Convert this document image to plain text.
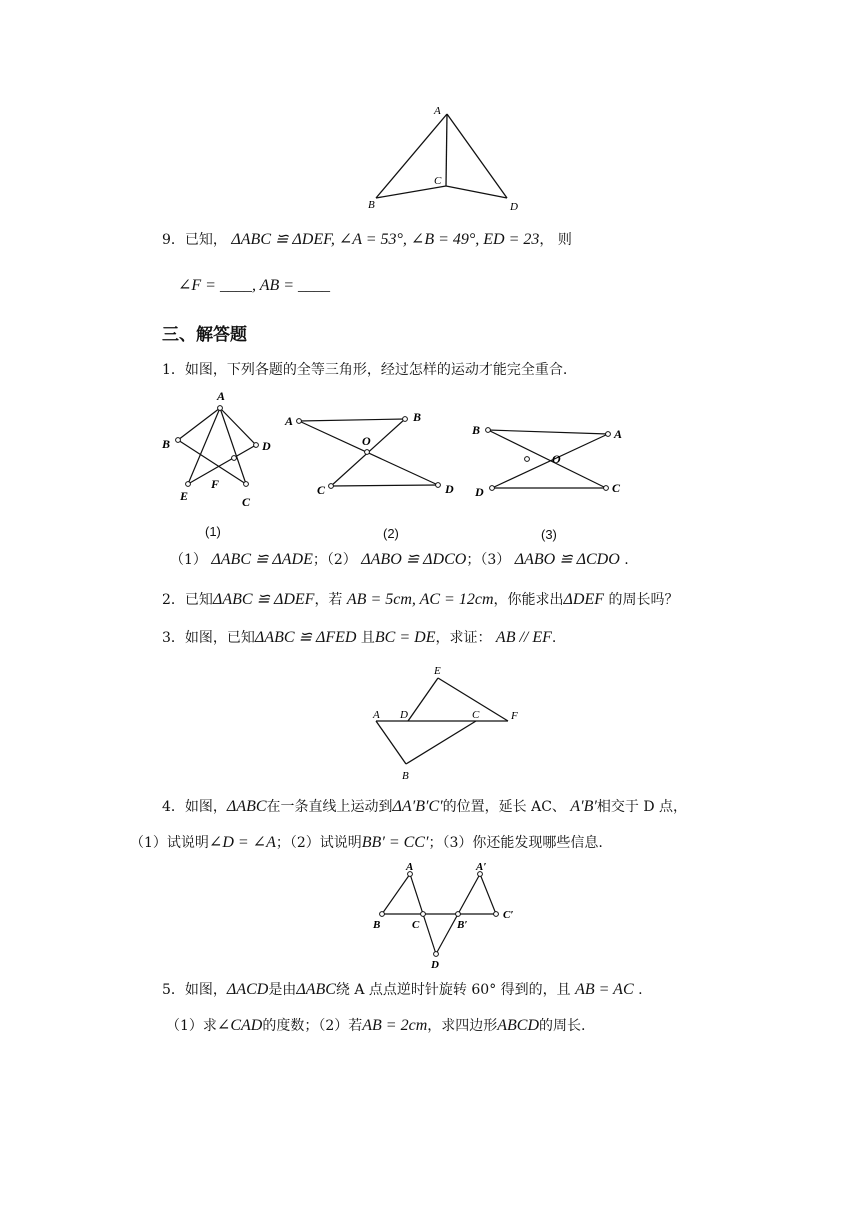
A
B
C
D
9．已知， ΔABC ≌ ΔDEF, ∠A = 53°, ∠B = 49°, ED = 23， 则
∠F = ____, AB = ____
三、解答题
1．如图，下列各题的全等三角形，经过怎样的运动才能完全重合.
A
B	D
E
F
C
(1)
A	B
O
C	D
(2)
B	A
O
D	C
(3)
（1） ΔABC ≌ ΔADE；（2） ΔABO ≌ ΔDCO；（3） ΔABO ≌ ΔCDO .
2．已知ΔABC ≌ ΔDEF，若 AB = 5cm, AC = 12cm，你能求出ΔDEF 的周长吗？
3．如图，已知ΔABC ≌ ΔFED 且BC = DE，求证： AB // EF.
E
A D	C	F
B
4．如图，ΔABC在一条直线上运动到ΔA′B′C′的位置，延长 AC、 A′B′相交于 D 点，
（1）试说明∠D = ∠A；（2）试说明BB′ = CC′；（3）你还能发现哪些信息.
A	A′
B	C	B′
C′
D
5．如图，ΔACD是由ΔABC绕 A 点点逆时针旋转 60° 得到的，且 AB = AC .
（1）求∠CAD的度数；（2）若AB = 2cm，求四边形ABCD的周长.
